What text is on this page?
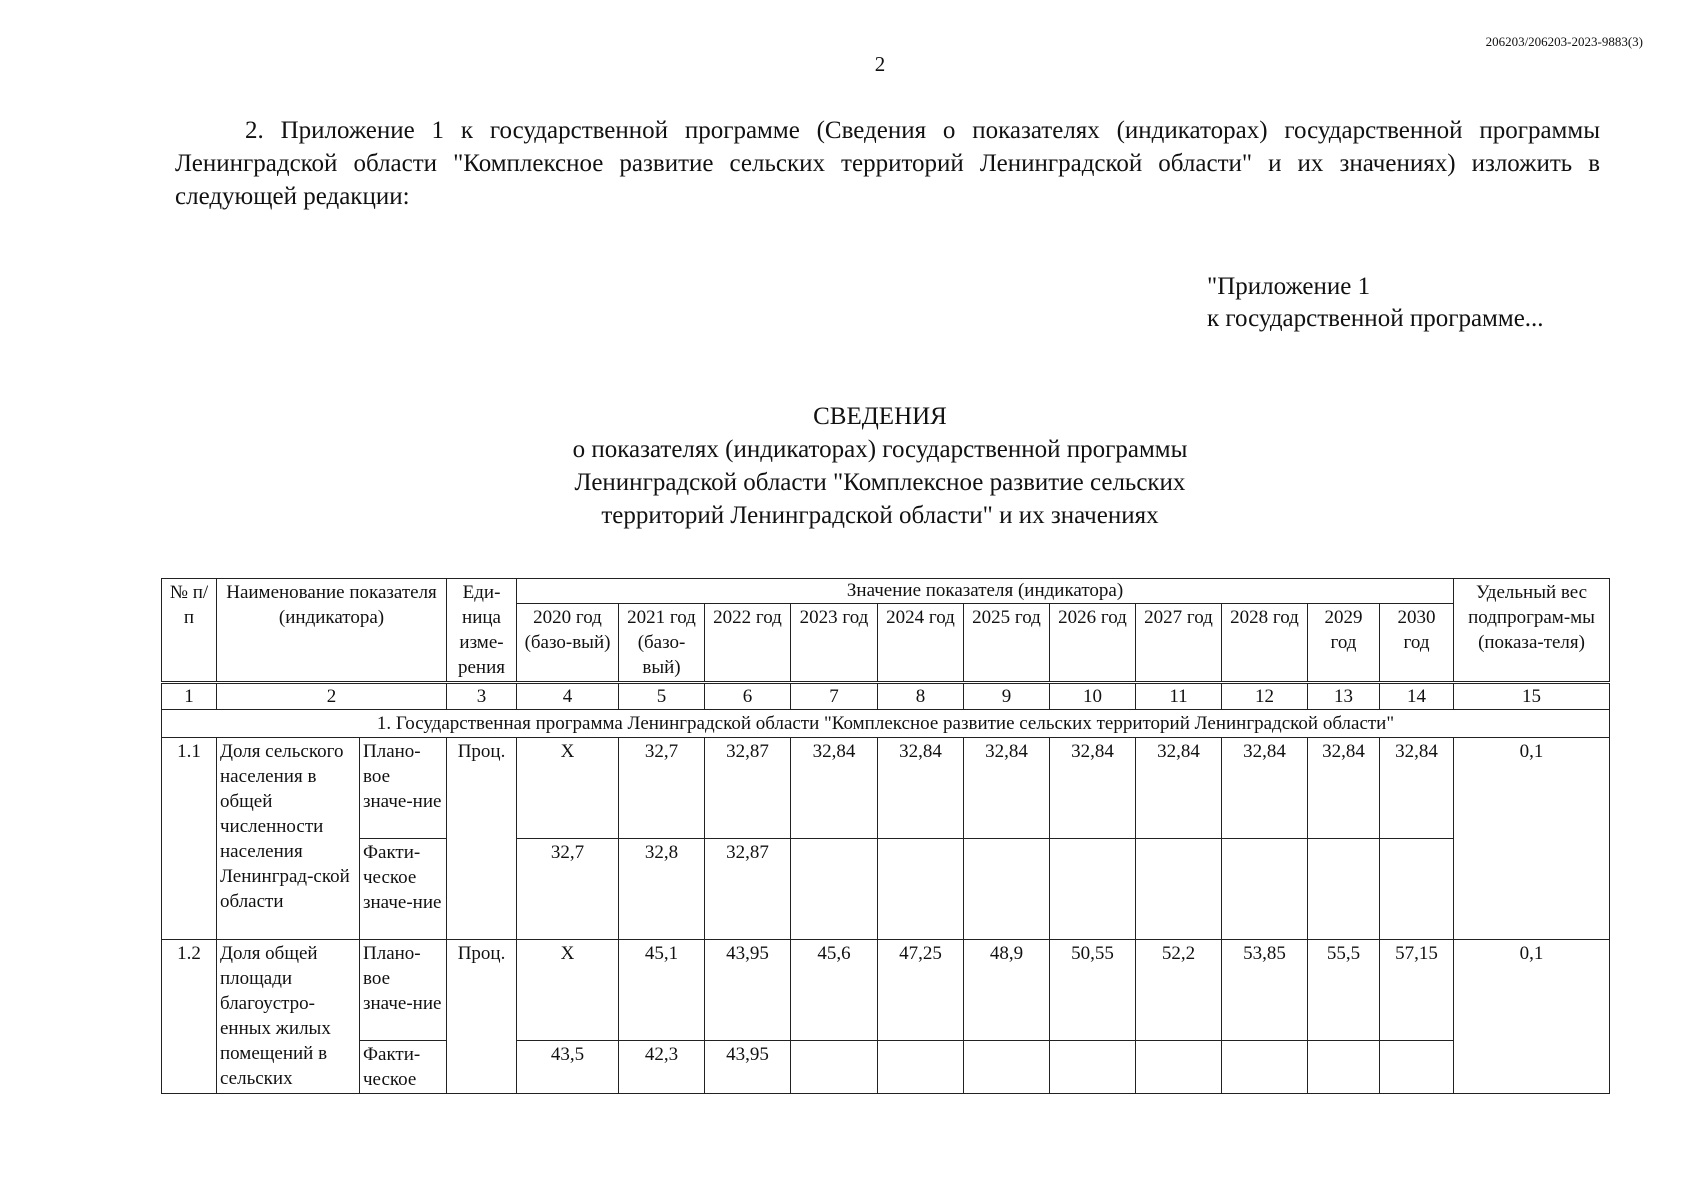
206203/206203-2023-9883(3)
2

2. Приложение 1 к государственной программе (Сведения о показателях (индикаторах) государственной программы Ленинградской области "Комплексное развитие сельских территорий Ленинградской области" и их значениях) изложить в следующей редакции:

"Приложение 1
к государственной программе...
СВЕДЕНИЯ
о показателях (индикаторах) государственной программы
Ленинградской области "Комплексное развитие сельских
территорий Ленинградской области" и их значениях
№ п/п	Наименование показателя (индикатора)		Еди-ница изме-рения	Значение показателя (индикатора)											Удельный вес подпрограм-мы (показа-теля)
				2020 год (базо-вый)	2021 год (базо-вый)	2022 год	2023 год	2024 год	2025 год	2026 год	2027 год	2028 год	2029 год	2030 год	
1	2		3	4	5	6	7	8	9	10	11	12	13	14	15
1. Государственная программа Ленинградской области "Комплексное развитие сельских территорий Ленинградской области"															
1.1	Доля сельского населения в общей численности населения Ленинград-ской области	Плано-вое значе-ние	Проц.	X	32,7	32,87	32,84	32,84	32,84	32,84	32,84	32,84	32,84	32,84	0,1
		Факти-ческое значе-ние		32,7	32,8	32,87									
1.2	Доля общей площади благоустро-енных жилых помещений в сельских	Плано-вое значе-ние	Проц.	X	45,1	43,95	45,6	47,25	48,9	50,55	52,2	53,85	55,5	57,15	0,1
		Факти-ческое		43,5	42,3	43,95									
